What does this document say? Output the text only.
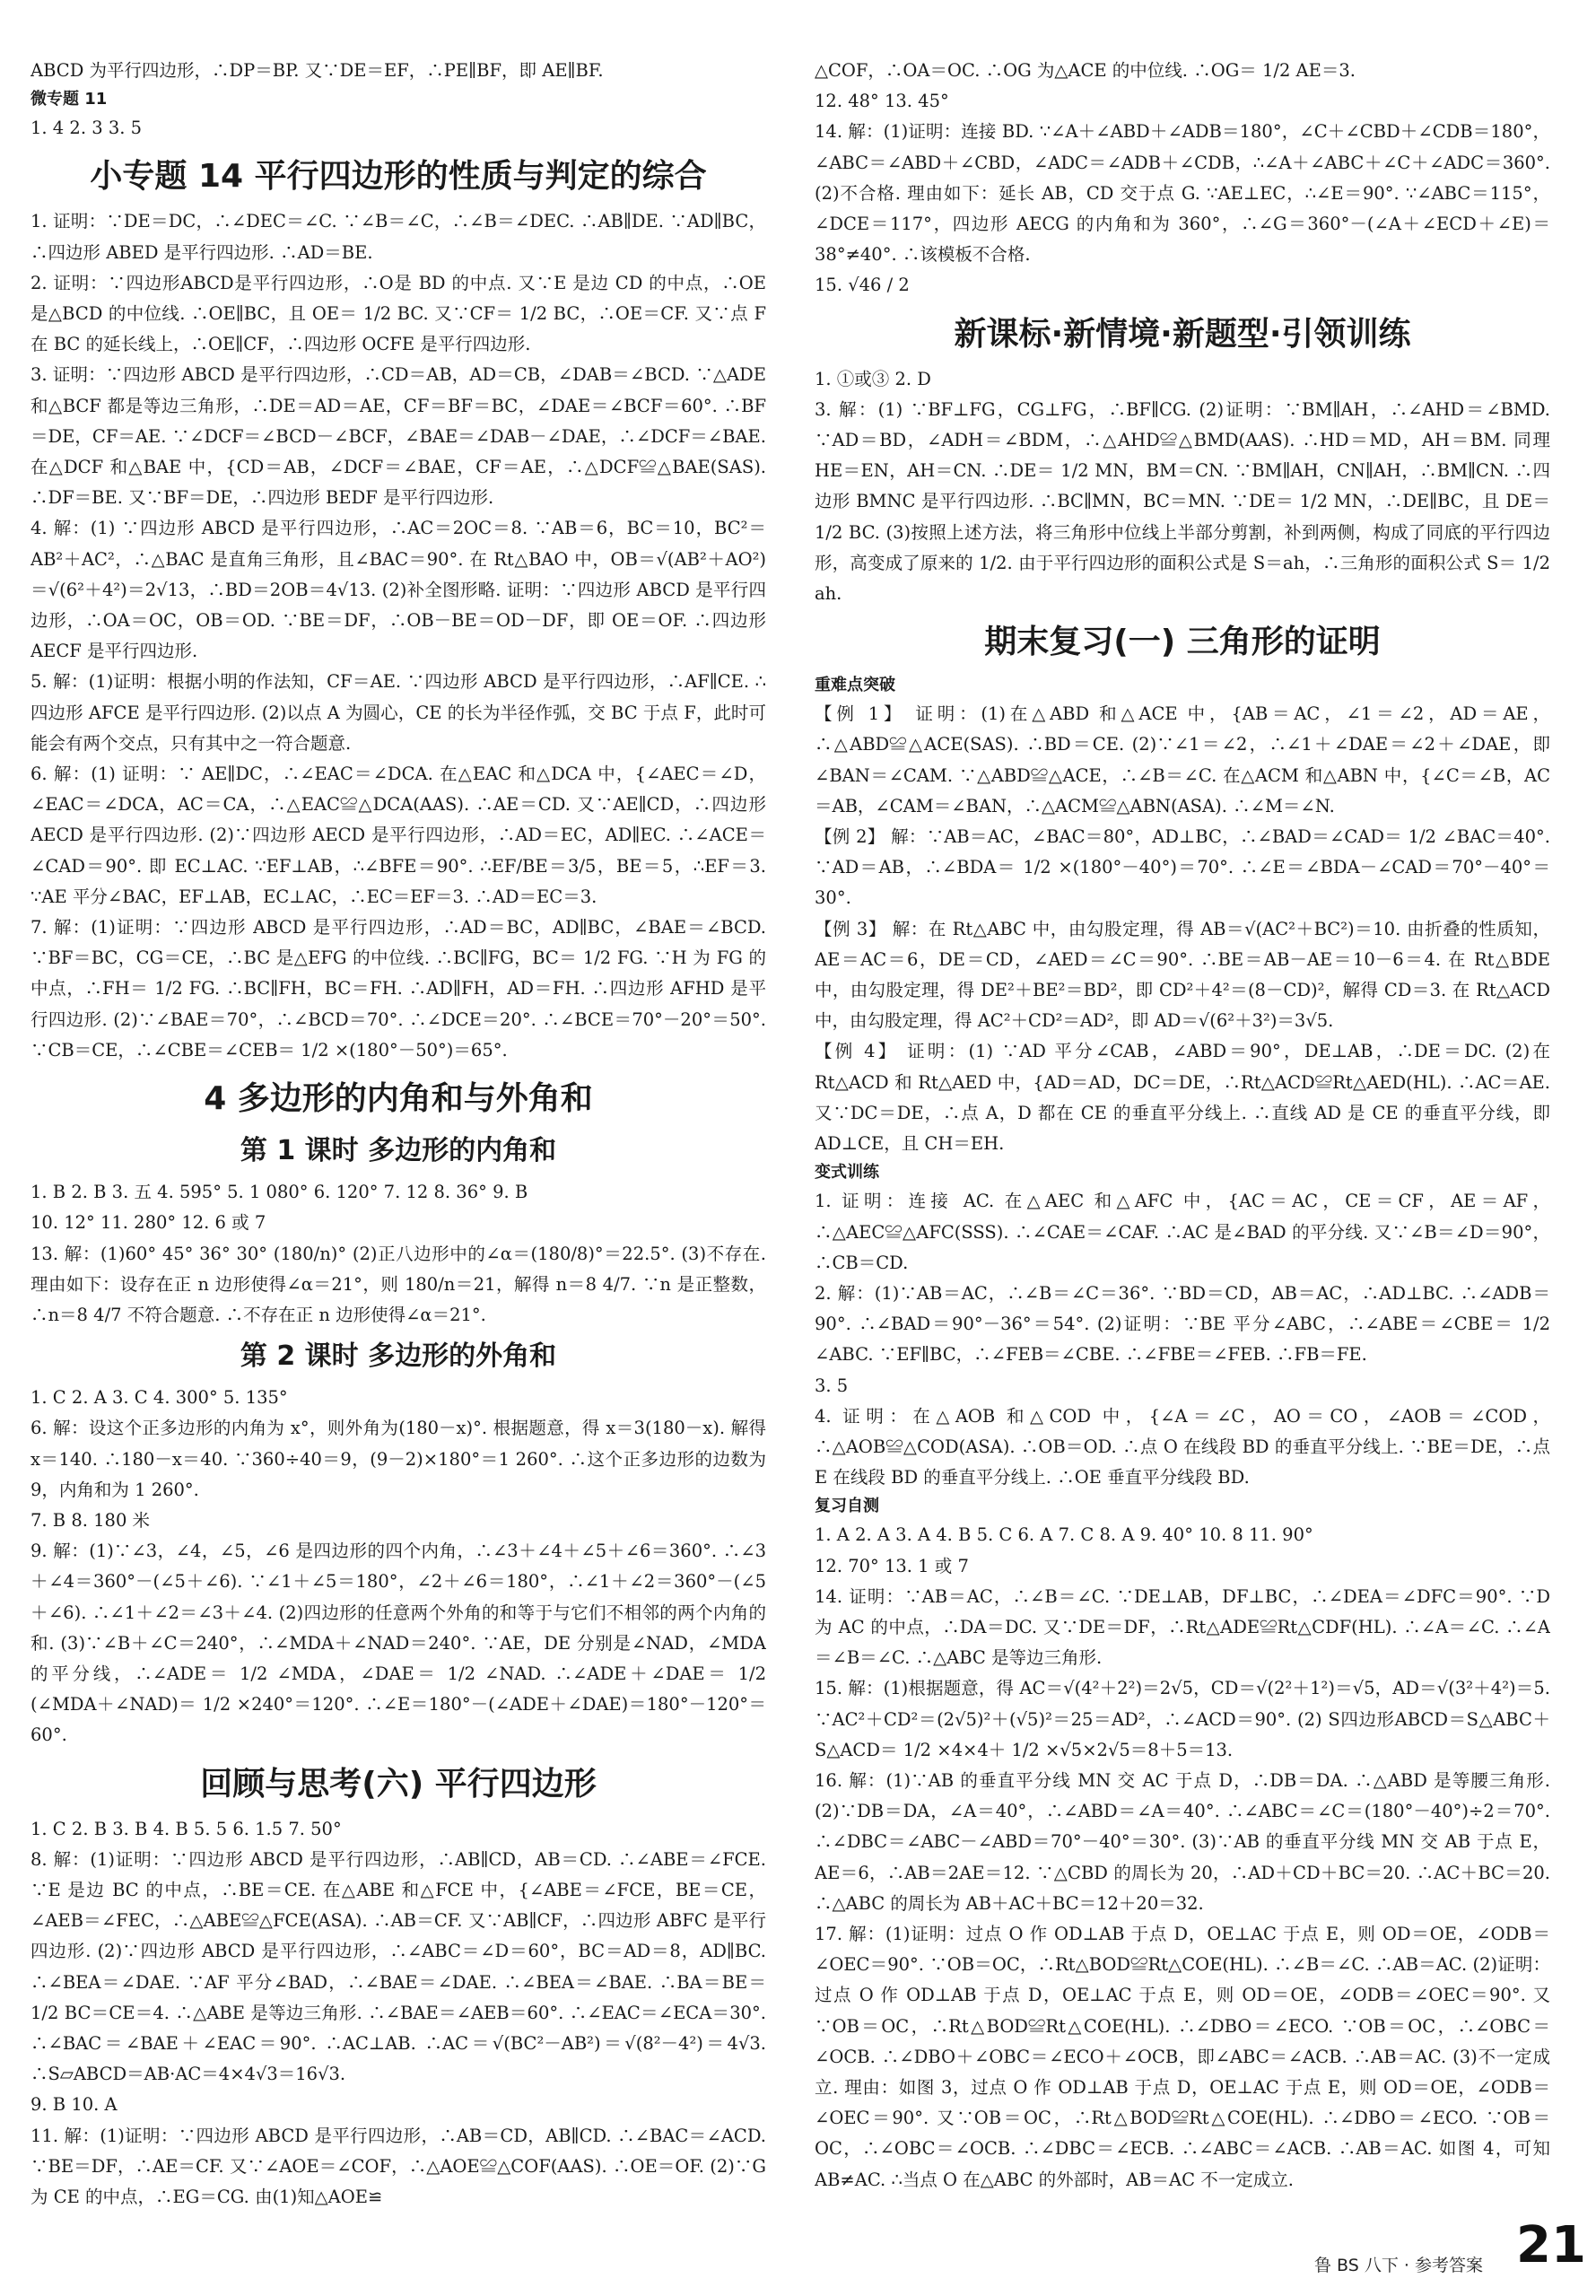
ABCD 为平行四边形，∴DP＝BP. 又∵DE＝EF，∴PE∥BF，即 AE∥BF.

微专题 11

1. 4 2. 3 3. 5

小专题 14 平行四边形的性质与判定的综合

1. 证明：∵DE＝DC，∴∠DEC＝∠C. ∵∠B＝∠C，∴∠B＝∠DEC. ∴AB∥DE. ∵AD∥BC，∴四边形 ABED 是平行四边形. ∴AD＝BE.
2. 证明：∵四边形ABCD是平行四边形，∴O是 BD 的中点. 又∵E 是边 CD 的中点，∴OE 是△BCD 的中位线. ∴OE∥BC，且 OE＝ 1/2 BC. 又∵CF＝ 1/2 BC，∴OE＝CF. 又∵点 F 在 BC 的延长线上，∴OE∥CF，∴四边形 OCFE 是平行四边形.
3. 证明：∵四边形 ABCD 是平行四边形，∴CD＝AB，AD＝CB，∠DAB＝∠BCD. ∵△ADE 和△BCF 都是等边三角形，∴DE＝AD＝AE，CF＝BF＝BC，∠DAE＝∠BCF＝60°. ∴BF＝DE，CF＝AE. ∵∠DCF＝∠BCD－∠BCF，∠BAE＝∠DAB－∠DAE，∴∠DCF＝∠BAE. 在△DCF 和△BAE 中，{CD＝AB，∠DCF＝∠BAE，CF＝AE，∴△DCF≌△BAE(SAS). ∴DF＝BE. 又∵BF＝DE，∴四边形 BEDF 是平行四边形.
4. 解：(1) ∵四边形 ABCD 是平行四边形，∴AC＝2OC＝8. ∵AB＝6，BC＝10，BC²＝AB²＋AC²，∴△BAC 是直角三角形，且∠BAC＝90°. 在 Rt△BAO 中，OB＝√(AB²＋AO²)＝√(6²＋4²)＝2√13，∴BD＝2OB＝4√13. (2)补全图形略. 证明：∵四边形 ABCD 是平行四边形，∴OA＝OC，OB＝OD. ∵BE＝DF，∴OB－BE＝OD－DF，即 OE＝OF. ∴四边形 AECF 是平行四边形.
5. 解：(1)证明：根据小明的作法知，CF＝AE. ∵四边形 ABCD 是平行四边形，∴AF∥CE. ∴四边形 AFCE 是平行四边形. (2)以点 A 为圆心，CE 的长为半径作弧，交 BC 于点 F，此时可能会有两个交点，只有其中之一符合题意.
6. 解：(1) 证明：∵ AE∥DC，∴∠EAC＝∠DCA. 在△EAC 和△DCA 中，{∠AEC＝∠D，∠EAC＝∠DCA，AC＝CA，∴△EAC≌△DCA(AAS). ∴AE＝CD. 又∵AE∥CD，∴四边形 AECD 是平行四边形. (2)∵四边形 AECD 是平行四边形，∴AD＝EC，AD∥EC. ∴∠ACE＝∠CAD＝90°. 即 EC⊥AC. ∵EF⊥AB，∴∠BFE＝90°. ∴EF/BE＝3/5，BE＝5，∴EF＝3. ∵AE 平分∠BAC，EF⊥AB，EC⊥AC，∴EC＝EF＝3. ∴AD＝EC＝3.
7. 解：(1)证明：∵四边形 ABCD 是平行四边形，∴AD＝BC，AD∥BC，∠BAE＝∠BCD. ∵BF＝BC，CG＝CE，∴BC 是△EFG 的中位线. ∴BC∥FG，BC＝ 1/2 FG. ∵H 为 FG 的中点，∴FH＝ 1/2 FG. ∴BC∥FH，BC＝FH. ∴AD∥FH，AD＝FH. ∴四边形 AFHD 是平行四边形. (2)∵∠BAE＝70°，∴∠BCD＝70°. ∴∠DCE＝20°. ∴∠BCE＝70°－20°＝50°. ∵CB＝CE，∴∠CBE＝∠CEB＝ 1/2 ×(180°－50°)＝65°.

4 多边形的内角和与外角和
第 1 课时 多边形的内角和

1. B 2. B 3. 五 4. 595° 5. 1 080° 6. 120° 7. 12 8. 36° 9. B
10. 12° 11. 280° 12. 6 或 7
13. 解：(1)60° 45° 36° 30° (180/n)° (2)正八边形中的∠α＝(180/8)°＝22.5°. (3)不存在. 理由如下：设存在正 n 边形使得∠α＝21°，则 180/n＝21，解得 n＝8 4/7. ∵n 是正整数，∴n＝8 4/7 不符合题意. ∴不存在正 n 边形使得∠α＝21°.

第 2 课时 多边形的外角和

1. C 2. A 3. C 4. 300° 5. 135°
6. 解：设这个正多边形的内角为 x°，则外角为(180－x)°. 根据题意，得 x＝3(180－x). 解得 x＝140. ∴180－x＝40. ∵360÷40＝9，(9－2)×180°＝1 260°. ∴这个正多边形的边数为 9，内角和为 1 260°.
7. B 8. 180 米
9. 解：(1)∵∠3，∠4，∠5，∠6 是四边形的四个内角，∴∠3＋∠4＋∠5＋∠6＝360°. ∴∠3＋∠4＝360°－(∠5＋∠6). ∵∠1＋∠5＝180°，∠2＋∠6＝180°，∴∠1＋∠2＝360°－(∠5＋∠6). ∴∠1＋∠2＝∠3＋∠4. (2)四边形的任意两个外角的和等于与它们不相邻的两个内角的和. (3)∵∠B＋∠C＝240°，∴∠MDA＋∠NAD＝240°. ∵AE，DE 分别是∠NAD，∠MDA 的平分线，∴∠ADE＝ 1/2 ∠MDA，∠DAE＝ 1/2 ∠NAD. ∴∠ADE＋∠DAE＝ 1/2 (∠MDA＋∠NAD)＝ 1/2 ×240°＝120°. ∴∠E＝180°－(∠ADE＋∠DAE)＝180°－120°＝60°.

回顾与思考(六) 平行四边形

1. C 2. B 3. B 4. B 5. 5 6. 1.5 7. 50°
8. 解：(1)证明：∵四边形 ABCD 是平行四边形，∴AB∥CD，AB＝CD. ∴∠ABE＝∠FCE. ∵E 是边 BC 的中点，∴BE＝CE. 在△ABE 和△FCE 中，{∠ABE＝∠FCE，BE＝CE，∠AEB＝∠FEC，∴△ABE≌△FCE(ASA). ∴AB＝CF. 又∵AB∥CF，∴四边形 ABFC 是平行四边形. (2)∵四边形 ABCD 是平行四边形，∴∠ABC＝∠D＝60°，BC＝AD＝8，AD∥BC. ∴∠BEA＝∠DAE. ∵AF 平分∠BAD，∴∠BAE＝∠DAE. ∴∠BEA＝∠BAE. ∴BA＝BE＝ 1/2 BC＝CE＝4. ∴△ABE 是等边三角形. ∴∠BAE＝∠AEB＝60°. ∴∠EAC＝∠ECA＝30°. ∴∠BAC＝∠BAE＋∠EAC＝90°. ∴AC⊥AB. ∴AC＝√(BC²－AB²)＝√(8²－4²)＝4√3. ∴S▱ABCD＝AB·AC＝4×4√3＝16√3.
9. B 10. A
11. 解：(1)证明：∵四边形 ABCD 是平行四边形，∴AB＝CD，AB∥CD. ∴∠BAC＝∠ACD. ∵BE＝DF，∴AE＝CF. 又∵∠AOE＝∠COF，∴△AOE≌△COF(AAS). ∴OE＝OF. (2)∵G 为 CE 的中点，∴EG＝CG. 由(1)知△AOE≌

△COF，∴OA＝OC. ∴OG 为△ACE 的中位线. ∴OG＝ 1/2 AE＝3.
12. 48° 13. 45°
14. 解：(1)证明：连接 BD. ∵∠A＋∠ABD＋∠ADB＝180°，∠C＋∠CBD＋∠CDB＝180°，∠ABC＝∠ABD＋∠CBD，∠ADC＝∠ADB＋∠CDB，∴∠A＋∠ABC＋∠C＋∠ADC＝360°. (2)不合格. 理由如下：延长 AB，CD 交于点 G. ∵AE⊥EC，∴∠E＝90°. ∵∠ABC＝115°，∠DCE＝117°，四边形 AECG 的内角和为 360°，∴∠G＝360°－(∠A＋∠ECD＋∠E)＝38°≠40°. ∴该模板不合格.
15. √46 / 2

新课标·新情境·新题型·引领训练

1. ①或③ 2. D
3. 解：(1) ∵BF⊥FG，CG⊥FG，∴BF∥CG. (2)证明：∵BM∥AH，∴∠AHD＝∠BMD. ∵AD＝BD，∠ADH＝∠BDM，∴△AHD≌△BMD(AAS). ∴HD＝MD，AH＝BM. 同理 HE＝EN，AH＝CN. ∴DE＝ 1/2 MN，BM＝CN. ∵BM∥AH，CN∥AH，∴BM∥CN. ∴四边形 BMNC 是平行四边形. ∴BC∥MN，BC＝MN. ∵DE＝ 1/2 MN，∴DE∥BC，且 DE＝ 1/2 BC. (3)按照上述方法，将三角形中位线上半部分剪割，补到两侧，构成了同底的平行四边形，高变成了原来的 1/2. 由于平行四边形的面积公式是 S＝ah，∴三角形的面积公式 S＝ 1/2 ah.

期末复习(一) 三角形的证明

重难点突破

【例 1】 证明：(1)在△ABD 和△ACE 中，{AB＝AC，∠1＝∠2，AD＝AE，∴△ABD≌△ACE(SAS). ∴BD＝CE. (2)∵∠1＝∠2，∴∠1＋∠DAE＝∠2＋∠DAE，即∠BAN＝∠CAM. ∵△ABD≌△ACE，∴∠B＝∠C. 在△ACM 和△ABN 中，{∠C＝∠B，AC＝AB，∠CAM＝∠BAN，∴△ACM≌△ABN(ASA). ∴∠M＝∠N.
【例 2】 解：∵AB＝AC，∠BAC＝80°，AD⊥BC，∴∠BAD＝∠CAD＝ 1/2 ∠BAC＝40°. ∵AD＝AB，∴∠BDA＝ 1/2 ×(180°－40°)＝70°. ∴∠E＝∠BDA－∠CAD＝70°－40°＝30°.
【例 3】 解：在 Rt△ABC 中，由勾股定理，得 AB＝√(AC²＋BC²)＝10. 由折叠的性质知，AE＝AC＝6，DE＝CD，∠AED＝∠C＝90°. ∴BE＝AB－AE＝10－6＝4. 在 Rt△BDE 中，由勾股定理，得 DE²＋BE²＝BD²，即 CD²＋4²＝(8－CD)²，解得 CD＝3. 在 Rt△ACD 中，由勾股定理，得 AC²＋CD²＝AD²，即 AD＝√(6²＋3²)＝3√5.
【例 4】 证明：(1) ∵AD 平分∠CAB，∠ABD＝90°，DE⊥AB，∴DE＝DC. (2)在 Rt△ACD 和 Rt△AED 中，{AD＝AD，DC＝DE，∴Rt△ACD≌Rt△AED(HL). ∴AC＝AE. 又∵DC＝DE，∴点 A，D 都在 CE 的垂直平分线上. ∴直线 AD 是 CE 的垂直平分线，即 AD⊥CE，且 CH＝EH.

变式训练

1. 证明：连接 AC. 在△AEC 和△AFC 中，{AC＝AC，CE＝CF，AE＝AF，∴△AEC≌△AFC(SSS). ∴∠CAE＝∠CAF. ∴AC 是∠BAD 的平分线. 又∵∠B＝∠D＝90°，∴CB＝CD.
2. 解：(1)∵AB＝AC，∴∠B＝∠C＝36°. ∵BD＝CD，AB＝AC，∴AD⊥BC. ∴∠ADB＝90°. ∴∠BAD＝90°－36°＝54°. (2)证明：∵BE 平分∠ABC，∴∠ABE＝∠CBE＝ 1/2 ∠ABC. ∵EF∥BC，∴∠FEB＝∠CBE. ∴∠FBE＝∠FEB. ∴FB＝FE.
3. 5
4. 证明：在△AOB 和△COD 中，{∠A＝∠C，AO＝CO，∠AOB＝∠COD，∴△AOB≌△COD(ASA). ∴OB＝OD. ∴点 O 在线段 BD 的垂直平分线上. ∵BE＝DE，∴点 E 在线段 BD 的垂直平分线上. ∴OE 垂直平分线段 BD.

复习自测

1. A 2. A 3. A 4. B 5. C 6. A 7. C 8. A 9. 40° 10. 8 11. 90°
12. 70° 13. 1 或 7
14. 证明：∵AB＝AC，∴∠B＝∠C. ∵DE⊥AB，DF⊥BC，∴∠DEA＝∠DFC＝90°. ∵D 为 AC 的中点，∴DA＝DC. 又∵DE＝DF，∴Rt△ADE≌Rt△CDF(HL). ∴∠A＝∠C. ∴∠A＝∠B＝∠C. ∴△ABC 是等边三角形.
15. 解：(1)根据题意，得 AC＝√(4²＋2²)＝2√5，CD＝√(2²＋1²)＝√5，AD＝√(3²＋4²)＝5. ∵AC²＋CD²＝(2√5)²＋(√5)²＝25＝AD²，∴∠ACD＝90°. (2) S四边形ABCD＝S△ABC＋S△ACD＝ 1/2 ×4×4＋ 1/2 ×√5×2√5＝8＋5＝13.
16. 解：(1)∵AB 的垂直平分线 MN 交 AC 于点 D，∴DB＝DA. ∴△ABD 是等腰三角形. (2)∵DB＝DA，∠A＝40°，∴∠ABD＝∠A＝40°. ∴∠ABC＝∠C＝(180°－40°)÷2＝70°. ∴∠DBC＝∠ABC－∠ABD＝70°－40°＝30°. (3)∵AB 的垂直平分线 MN 交 AB 于点 E，AE＝6，∴AB＝2AE＝12. ∵△CBD 的周长为 20，∴AD＋CD＋BC＝20. ∴AC＋BC＝20. ∴△ABC 的周长为 AB＋AC＋BC＝12＋20＝32.
17. 解：(1)证明：过点 O 作 OD⊥AB 于点 D，OE⊥AC 于点 E，则 OD＝OE，∠ODB＝∠OEC＝90°. ∵OB＝OC，∴Rt△BOD≌Rt△COE(HL). ∴∠B＝∠C. ∴AB＝AC. (2)证明：过点 O 作 OD⊥AB 于点 D，OE⊥AC 于点 E，则 OD＝OE，∠ODB＝∠OEC＝90°. 又∵OB＝OC，∴Rt△BOD≌Rt△COE(HL). ∴∠DBO＝∠ECO. ∵OB＝OC，∴∠OBC＝∠OCB. ∴∠DBO＋∠OBC＝∠ECO＋∠OCB，即∠ABC＝∠ACB. ∴AB＝AC. (3)不一定成立. 理由：如图 3，过点 O 作 OD⊥AB 于点 D，OE⊥AC 于点 E，则 OD＝OE，∠ODB＝∠OEC＝90°. 又∵OB＝OC，∴Rt△BOD≌Rt△COE(HL). ∴∠DBO＝∠ECO. ∵OB＝OC，∴∠OBC＝∠OCB. ∴∠DBC＝∠ECB. ∴∠ABC＝∠ACB. ∴AB＝AC. 如图 4，可知 AB≠AC. ∴当点 O 在△ABC 的外部时，AB＝AC 不一定成立.

鲁 BS 八下 · 参考答案 21
